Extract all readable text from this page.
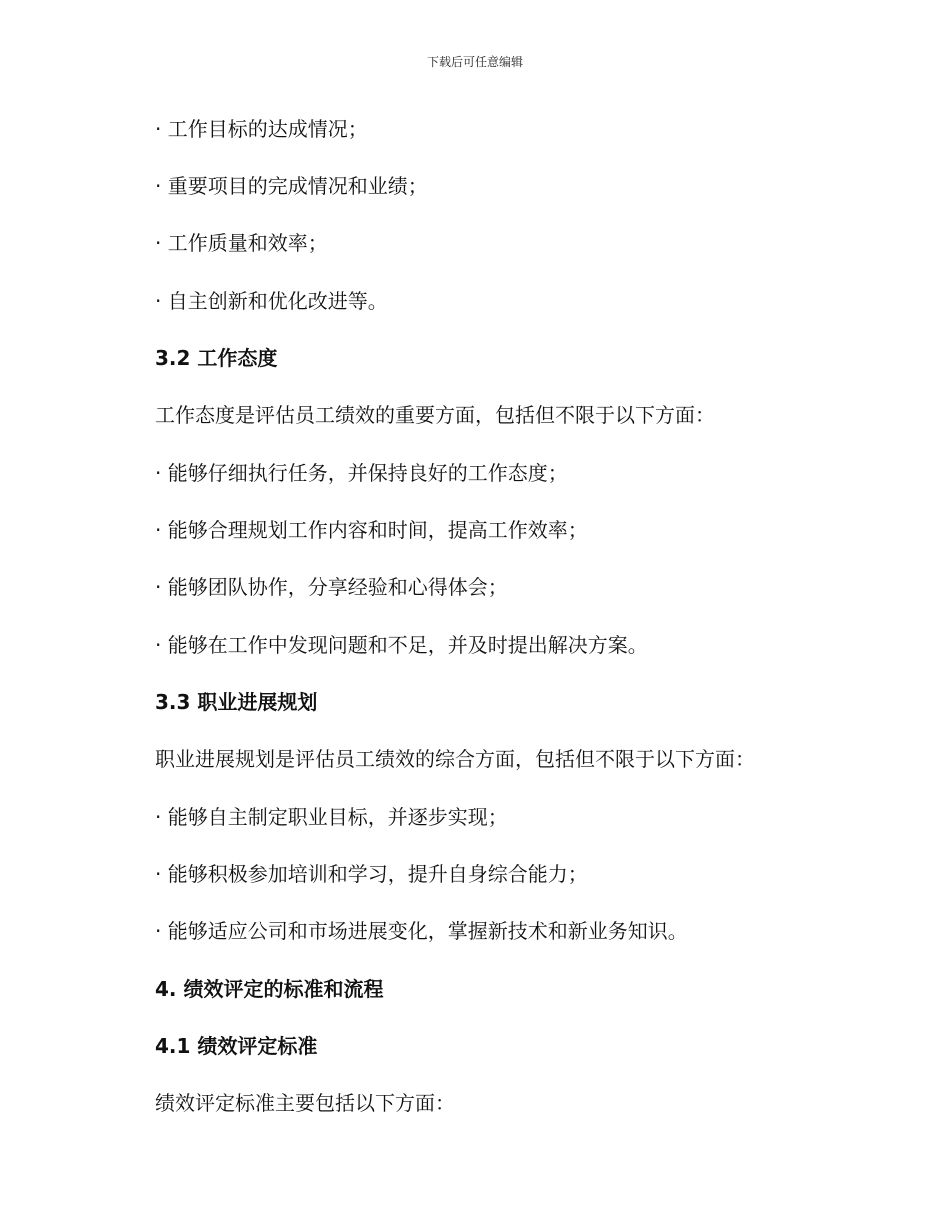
下载后可任意编辑
· 工作目标的达成情况；
· 重要项目的完成情况和业绩；
· 工作质量和效率；
· 自主创新和优化改进等。
3.2 工作态度
工作态度是评估员工绩效的重要方面，包括但不限于以下方面：
· 能够仔细执行任务，并保持良好的工作态度；
· 能够合理规划工作内容和时间，提高工作效率；
· 能够团队协作，分享经验和心得体会；
· 能够在工作中发现问题和不足，并及时提出解决方案。
3.3 职业进展规划
职业进展规划是评估员工绩效的综合方面，包括但不限于以下方面：
· 能够自主制定职业目标，并逐步实现；
· 能够积极参加培训和学习，提升自身综合能力；
· 能够适应公司和市场进展变化，掌握新技术和新业务知识。
4. 绩效评定的标准和流程
4.1 绩效评定标准
绩效评定标准主要包括以下方面：
